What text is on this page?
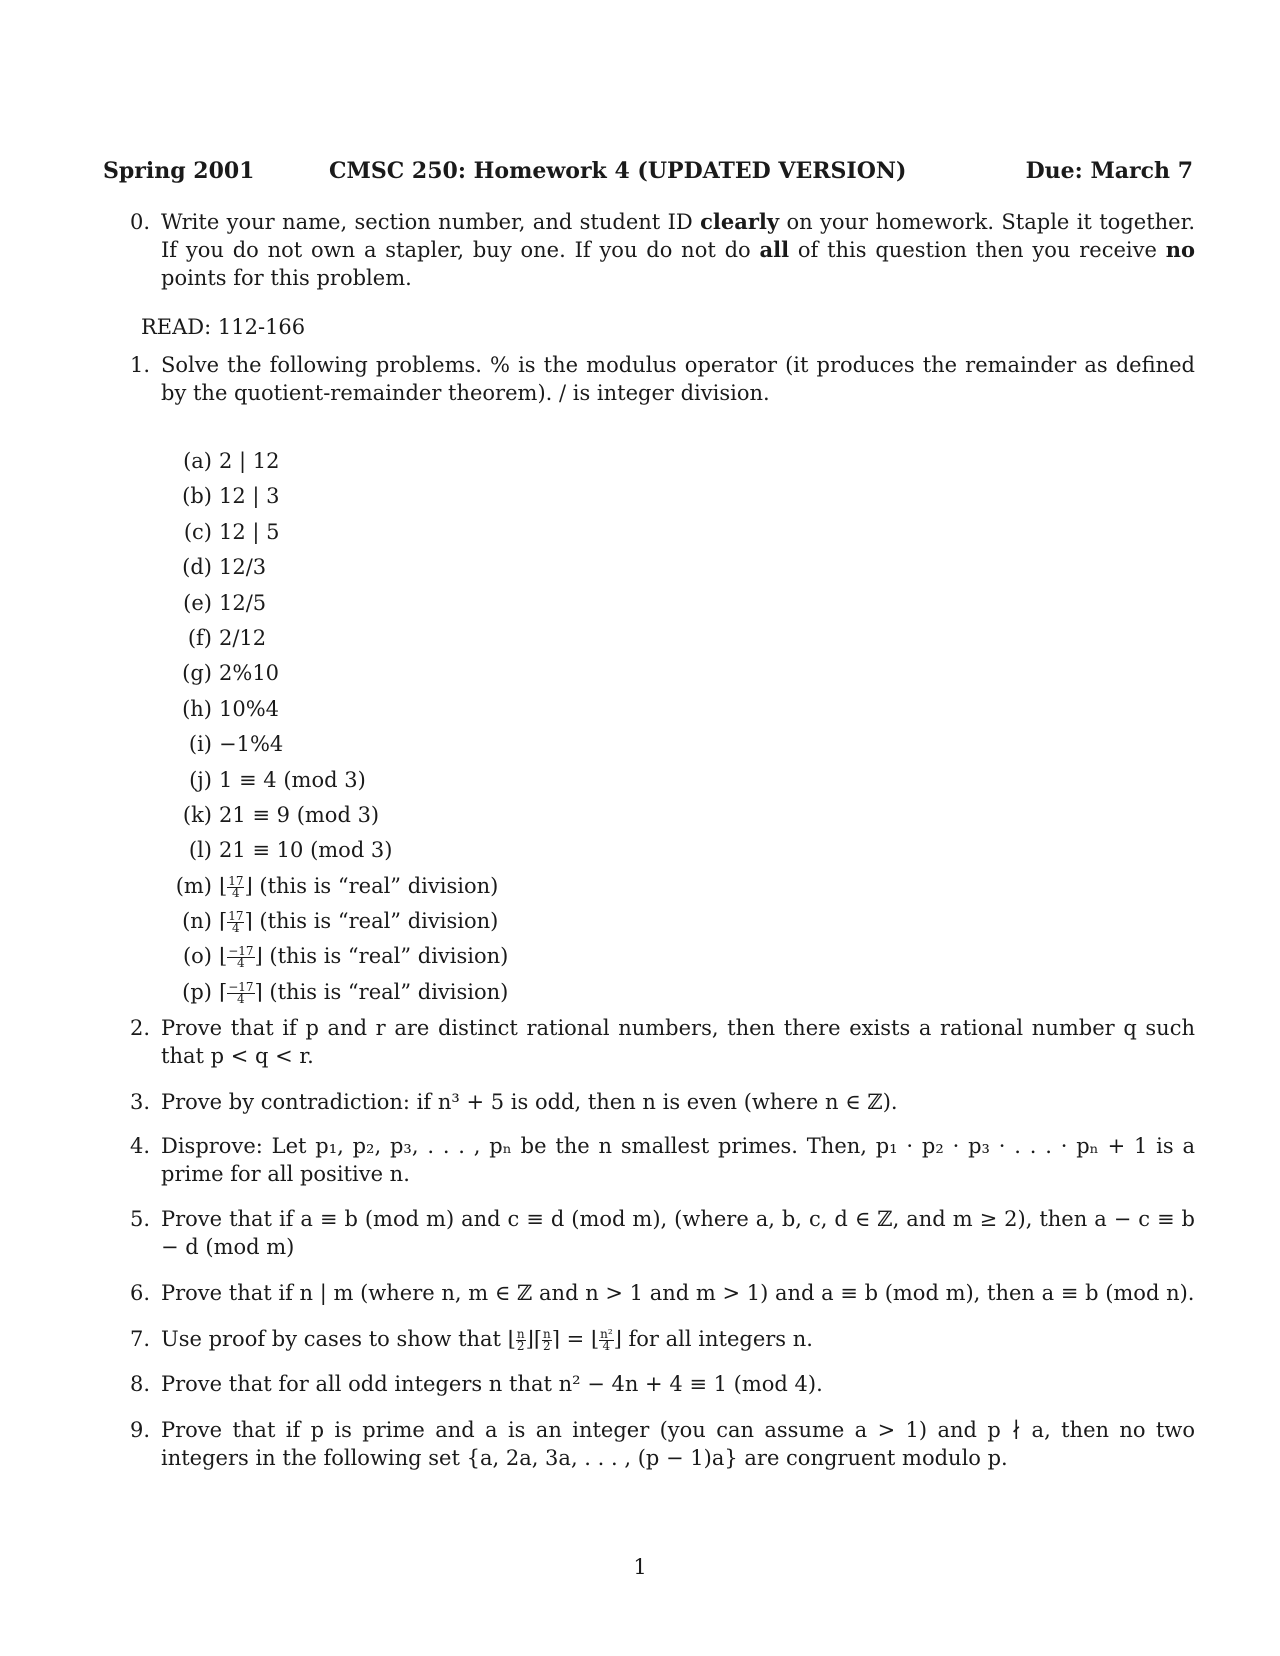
Spring 2001	CMSC 250: Homework 4 (UPDATED VERSION)	Due: March 7
0. Write your name, section number, and student ID clearly on your homework. Staple it together. If you do not own a stapler, buy one. If you do not do all of this question then you receive no points for this problem.
READ: 112-166
1. Solve the following problems. % is the modulus operator (it produces the remainder as defined by the quotient-remainder theorem). / is integer division.
(a) 2 | 12
(b) 12 | 3
(c) 12 | 5
(d) 12/3
(e) 12/5
(f) 2/12
(g) 2%10
(h) 10%4
(i) −1%4
(j) 1 ≡ 4 (mod 3)
(k) 21 ≡ 9 (mod 3)
(l) 21 ≡ 10 (mod 3)
(m) ⌊ $\frac{17}{4}$ ⌋ (this is “real” division)
(n) ⌈ $\frac{17}{4}$ ⌉ (this is “real” division)
(o) ⌊ $\frac{-17}{4}$ ⌋ (this is “real” division)
(p) ⌈ $\frac{-17}{4}$ ⌉ (this is “real” division)
2. Prove that if p and r are distinct rational numbers, then there exists a rational number q such that p < q < r.
3. Prove by contradiction: if n³ + 5 is odd, then n is even (where n ∈ ℤ).
4. Disprove: Let p₁, p₂, p₃, . . . , pₙ be the n smallest primes. Then, p₁ · p₂ · p₃ · . . . · pₙ + 1 is a prime for all positive n.
5. Prove that if a ≡ b (mod m) and c ≡ d (mod m), (where a, b, c, d ∈ ℤ, and m ≥ 2), then a − c ≡ b − d (mod m)
6. Prove that if n | m (where n, m ∈ ℤ and n > 1 and m > 1) and a ≡ b (mod m), then a ≡ b (mod n).
7. Use proof by cases to show that ⌊ $\frac{n}{2}$ ⌋⌈ $\frac{n}{2}$ ⌉ = ⌊ $\frac{\text{n²}}{4}$ ⌋ for all integers n.
8. Prove that for all odd integers n that n² − 4n + 4 ≡ 1 (mod 4).
9. Prove that if p is prime and a is an integer (you can assume a > 1) and p ∤ a, then no two integers in the following set {a, 2a, 3a, . . . , (p − 1)a} are congruent modulo p.
1
